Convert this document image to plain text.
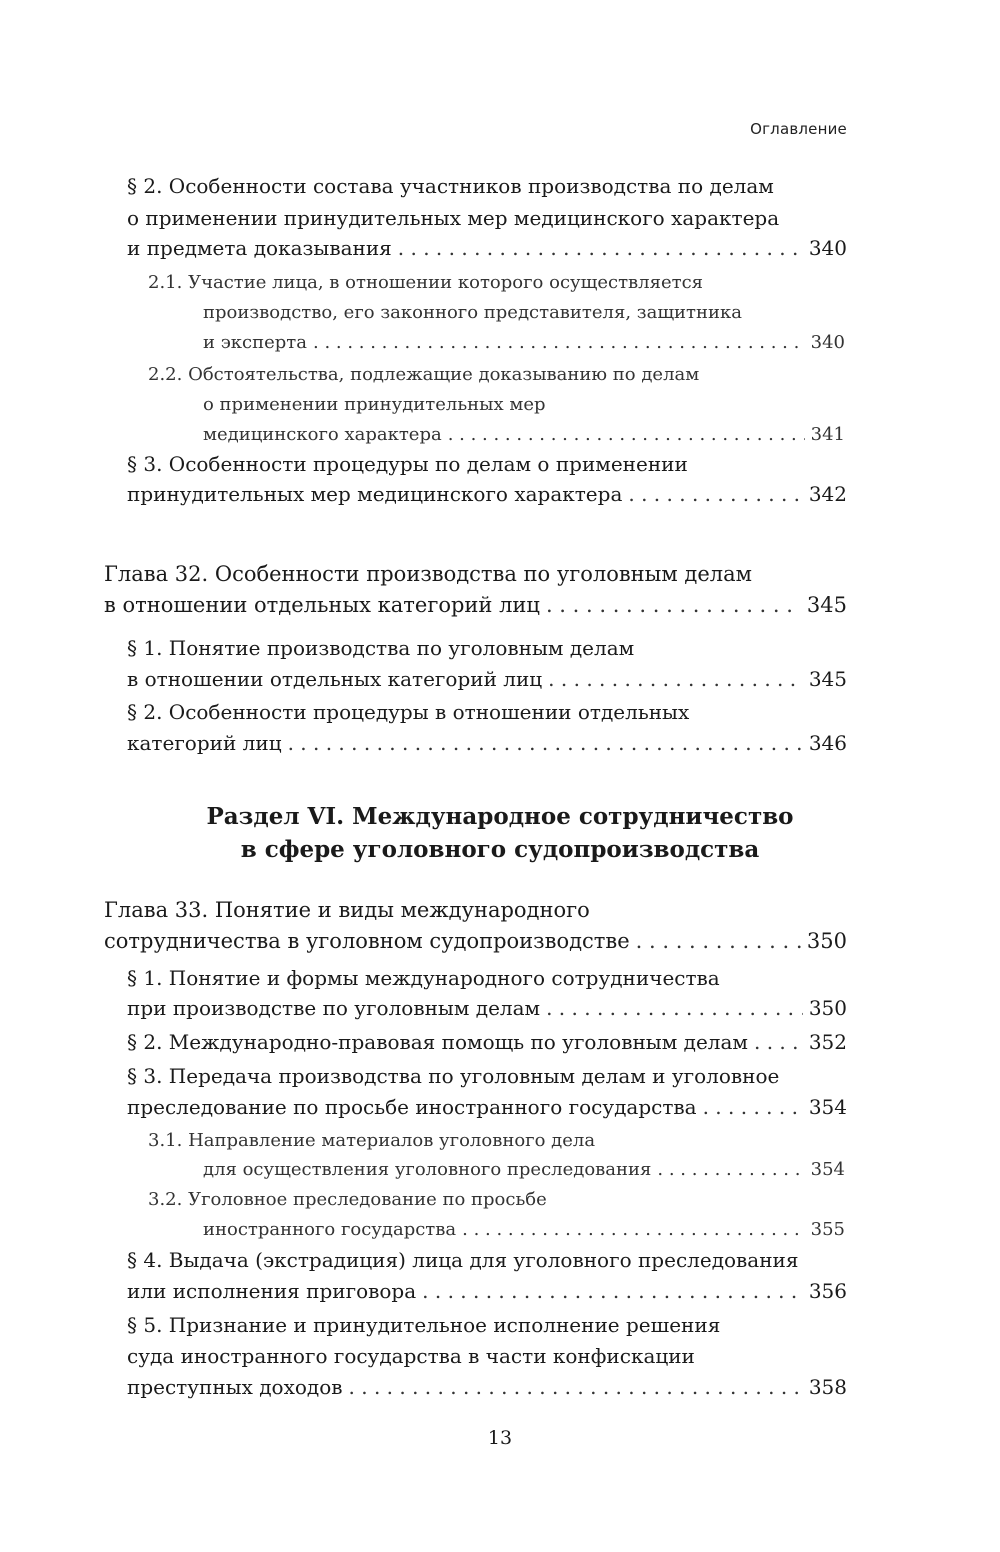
Оглавление
§ 2. Особенности состава участников производства по делам
о применении принудительных мер медицинского характера
и предмета доказывания . . .	340
2.1. Участие лица, в отношении которого осуществляется
производство, его законного представителя, защитника
и эксперта . . .	340
2.2. Обстоятельства, подлежащие доказыванию по делам
о применении принудительных мер
медицинского характера . . .	341
§ 3. Особенности процедуры по делам о применении
принудительных мер медицинского характера . . .	342
Глава 32. Особенности производства по уголовным делам
в отношении отдельных категорий лиц . . .	345
§ 1. Понятие производства по уголовным делам
в отношении отдельных категорий лиц . . .	345
§ 2. Особенности процедуры в отношении отдельных
категорий лиц . . .	346
Раздел VI. Международное сотрудничество
в сфере уголовного судопроизводства
Глава 33. Понятие и виды международного
сотрудничества в уголовном судопроизводстве . . .	350
§ 1. Понятие и формы международного сотрудничества
при производстве по уголовным делам . . .	350
§ 2. Международно-правовая помощь по уголовным делам . . .	352
§ 3. Передача производства по уголовным делам и уголовное
преследование по просьбе иностранного государства . . .	354
3.1. Направление материалов уголовного дела
для осуществления уголовного преследования . . .	354
3.2. Уголовное преследование по просьбе
иностранного государства . . .	355
§ 4. Выдача (экстрадиция) лица для уголовного преследования
или исполнения приговора . . .	356
§ 5. Признание и принудительное исполнение решения
суда иностранного государства в части конфискации
преступных доходов . . .	358
13
